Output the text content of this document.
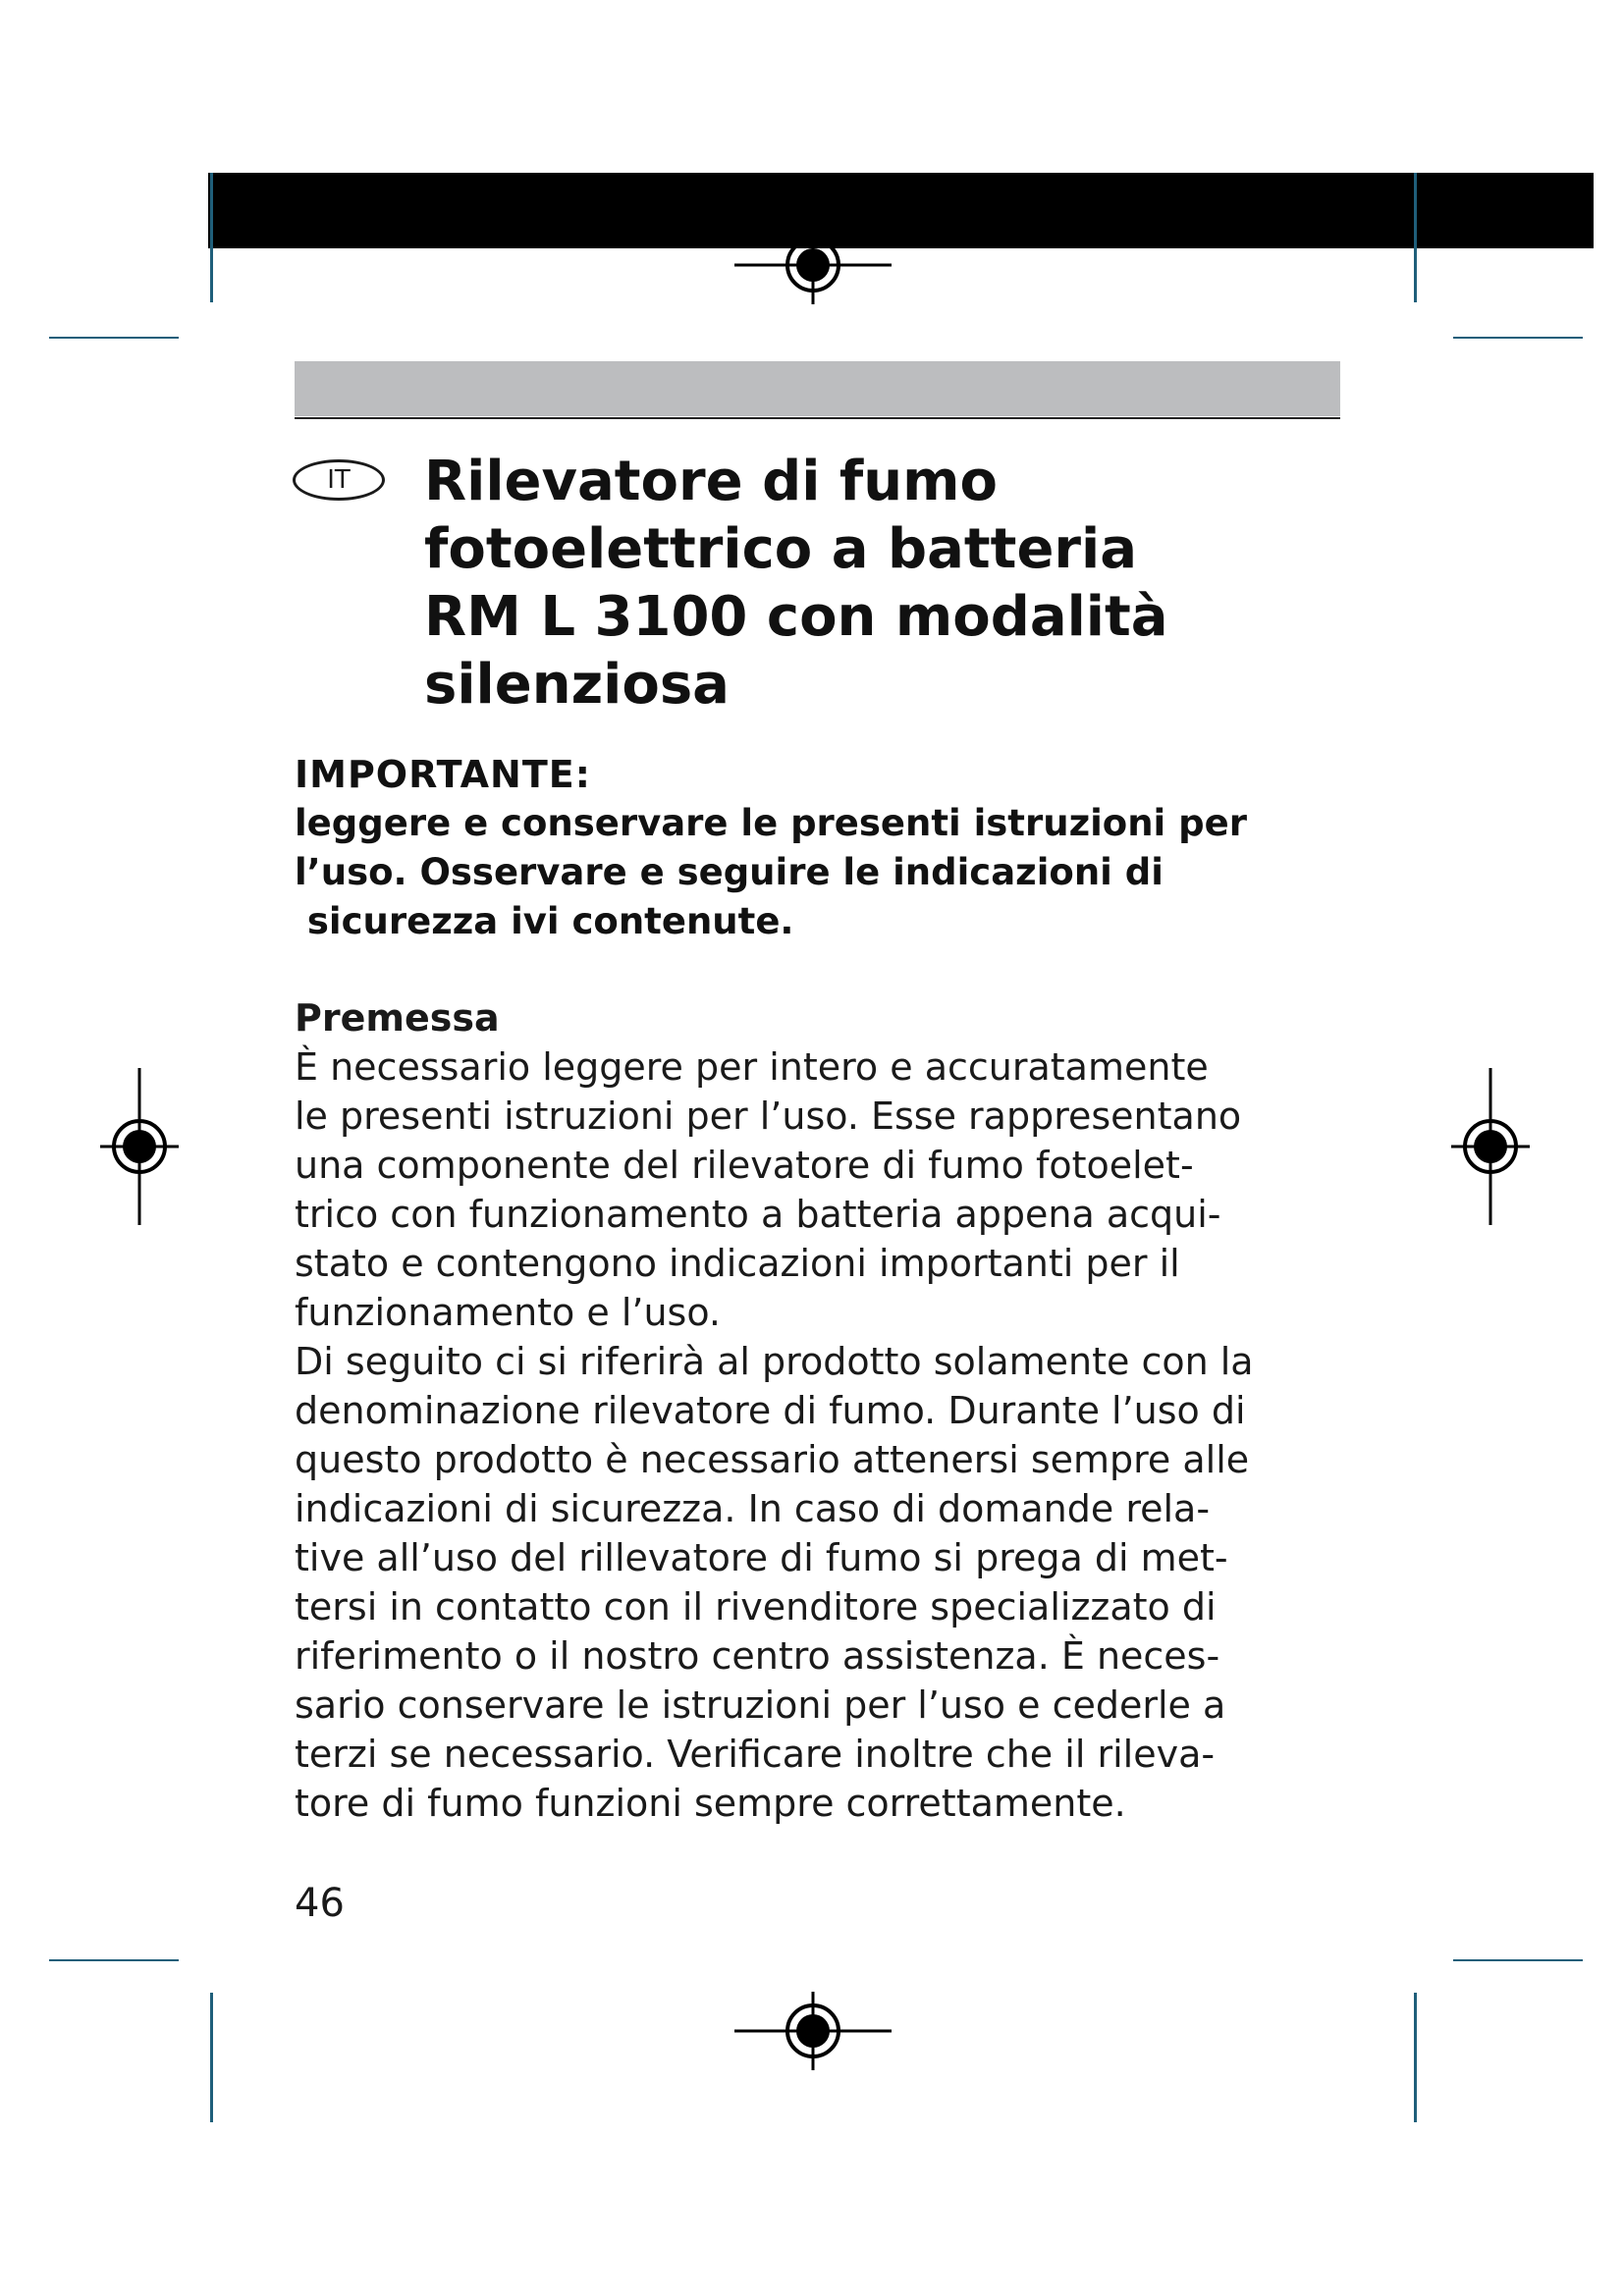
IT	Rilevatore di fumo
fotoelettrico a batteria
RM L 3100 con modalità
silenziosa
IMPORTANTE:
leggere e conservare le presenti istruzioni per
l’uso. Osservare e seguire le indicazioni di
sicurezza ivi contenute.
Premessa
È necessario leggere per intero e accuratamente
le presenti istruzioni per l’uso. Esse rappresentano
una componente del rilevatore di fumo fotoelet-
trico con funzionamento a batteria appena acqui-
stato e contengono indicazioni importanti per il
funzionamento e l’uso.
Di seguito ci si riferirà al prodotto solamente con la
denominazione rilevatore di fumo. Durante l’uso di
questo prodotto è necessario attenersi sempre alle
indicazioni di sicurezza. In caso di domande rela-
tive all’uso del rillevatore di fumo si prega di met-
tersi in contatto con il rivenditore specializzato di
riferimento o il nostro centro assistenza. È neces-
sario conservare le istruzioni per l’uso e cederle a
terzi se necessario. Verificare inoltre che il rileva-
tore di fumo funzioni sempre correttamente.
46
